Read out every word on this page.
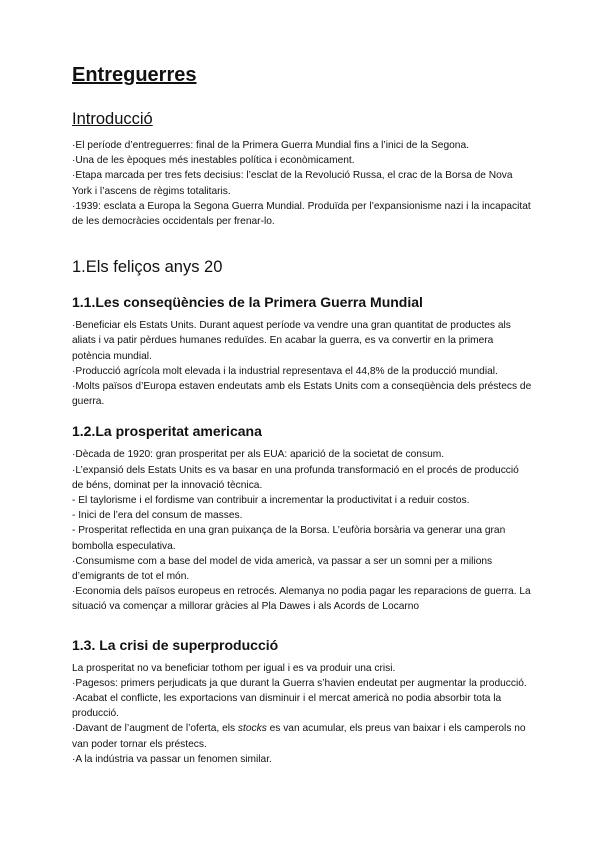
Entreguerres
Introducció

·El període d’entreguerres: final de la Primera Guerra Mundial fins a l’inici de la Segona.

·Una de les èpoques més inestables política i econòmicament.

·Etapa marcada per tres fets decisius: l’esclat de la Revolució Russa, el crac de la Borsa de Nova York i l’ascens de règims totalitaris.

·1939: esclata a Europa la Segona Guerra Mundial. Produïda per l’expansionisme nazi i la incapacitat de les democràcies occidentals per frenar-lo.

1.Els feliços anys 20
1.1.Les conseqüències de la Primera Guerra Mundial

·Beneficiar els Estats Units. Durant aquest període va vendre una gran quantitat de productes als aliats i va patir pèrdues humanes reduïdes. En acabar la guerra, es va convertir en la primera potència mundial.

·Producció agrícola molt elevada i la industrial representava el 44,8% de la producció mundial.

·Molts països d’Europa estaven endeutats amb els Estats Units com a conseqüència dels préstecs de guerra.

1.2.La prosperitat americana

·Dècada de 1920: gran prosperitat per als EUA: aparició de la societat de consum.

·L’expansió dels Estats Units es va basar en una profunda transformació en el procés de producció de béns, dominat per la innovació tècnica.

- El taylorisme i el fordisme van contribuir a incrementar la productivitat i a reduir costos.

- Inici de l’era del consum de masses.

- Prosperitat reflectida en una gran puixança de la Borsa. L’eufòria borsària va generar una gran bombolla especulativa.

·Consumisme com a base del model de vida americà, va passar a ser un somni per a milions d’emigrants de tot el món.

·Economia dels països europeus en retrocés. Alemanya no podia pagar les reparacions de guerra. La situació va començar a millorar gràcies al Pla Dawes i als Acords de Locarno

1.3. La crisi de superproducció

La prosperitat no va beneficiar tothom per igual i es va produir una crisi.

·Pagesos: primers perjudicats ja que durant la Guerra s’havien endeutat per augmentar la producció.

·Acabat el conflicte, les exportacions van disminuir i el mercat americà no podia absorbir tota la producció.

·Davant de l’augment de l’oferta, els stocks es van acumular, els preus van baixar i els camperols no van poder tornar els préstecs.

·A la indústria va passar un fenomen similar.
